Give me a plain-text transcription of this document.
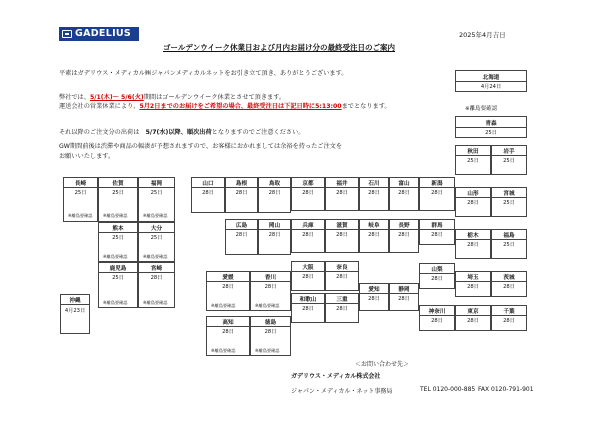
GADELIUS	2025年4月吉日
ゴールデンウイーク休業日および月内お届け分の最終受注日のご案内
平素はガデリウス・メディカル㈱ジャパンメディカルネットをお引き立て頂き、ありがとうございます。
弊社では、5/1(木)〜 5/6(火)期間はゴールデンウイーク休業とさせて頂きます。
運送会社の営業休業により、5月2日までのお届けをご希望の場合、最終受注日は下記日時に5:13:00までとなります。
それ以降のご注文分の出荷は　5/7(水)以降、順次出荷となりますのでご注意ください。
GW期間前後は渋滞や商品の輻湊が予想されますので、お客様におかれましては余裕を持ったご注文を
お願いいたします。
北海道
4月24日
※離島要確認
青森
25日
秋田
25日
岩手
25日
山形
28日
宮城
25日
栃木
28日
福島
25日
埼玉
28日
茨城
28日
東京
28日
千葉
28日
神奈川
28日
山梨
28日
群馬
28日
新潟
28日
富山
28日
石川
28日
長野
28日
岐阜
28日
静岡
28日
愛知
28日
福井
28日
滋賀
28日
京都
28日
兵庫
28日
大阪
28日
奈良
28日
和歌山
28日
三重
28日
山口
28日
島根
28日
鳥取
28日
広島
28日
岡山
28日
愛媛
28日
※離島要確認
香川
28日
※離島要確認
高知
28日
※離島要確認
徳島
28日
※離島要確認
長崎
25日
※離島要確認
佐賀
25日
※離島要確認
福岡
25日
※離島要確認
熊本
25日
※離島要確認
大分
25日
※離島要確認
鹿児島
25日
※離島要確認
宮崎
28日
※離島要確認
沖縄
4月23日
＜お問い合わせ先＞
ガデリウス・メディカル株式会社
ジャパン・メディカル・ネット事務局	TEL 0120-000-885 FAX 0120-791-901
